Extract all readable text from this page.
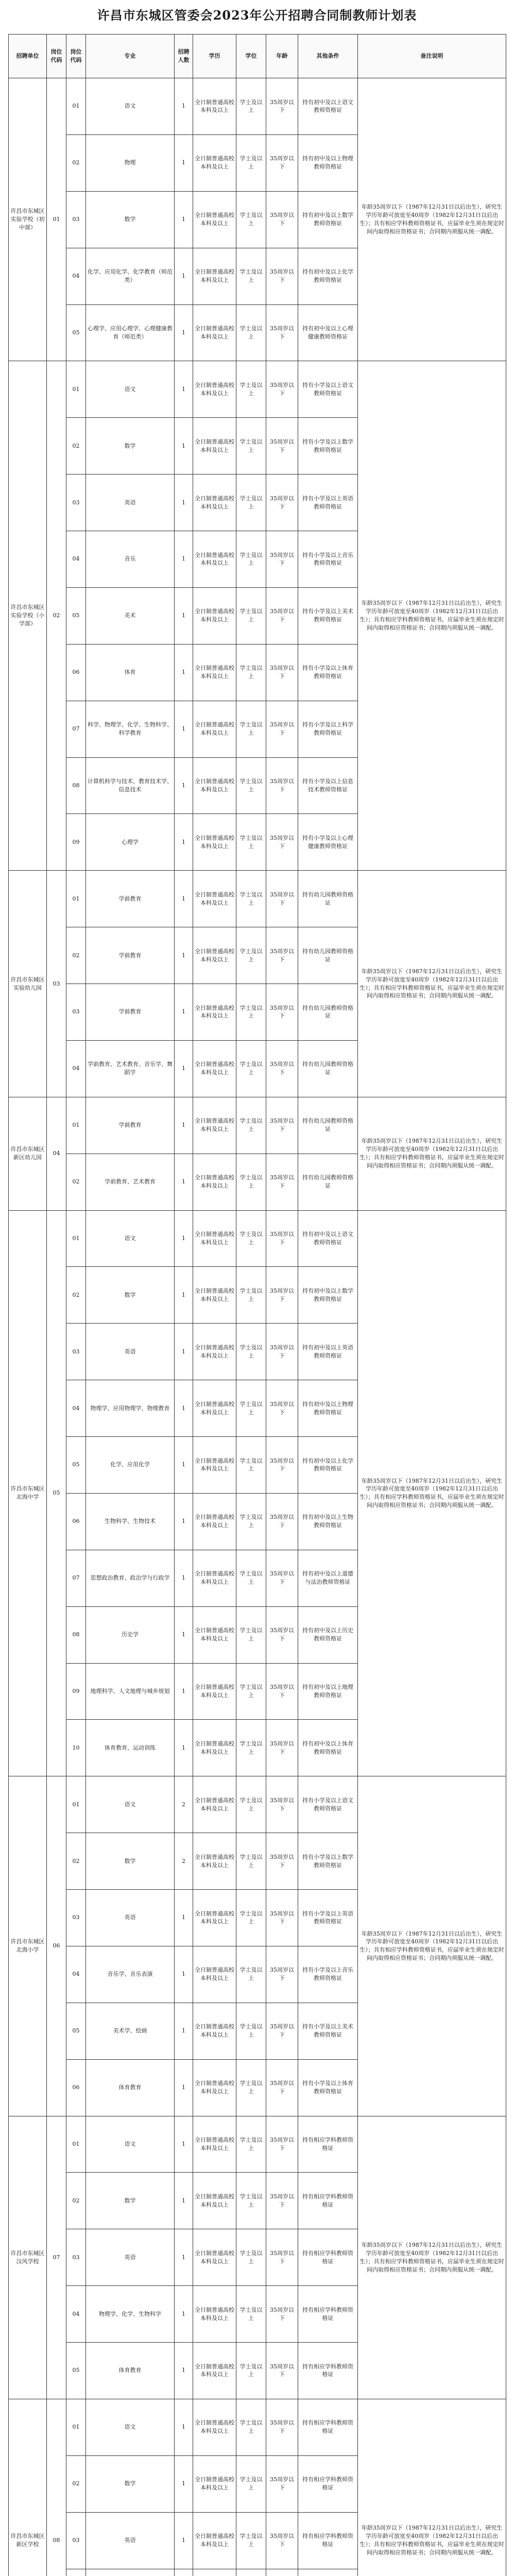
许昌市东城区管委会2023年公开招聘合同制教师计划表
招聘单位	岗位代码	岗位代码	专业	招聘人数	学历	学位	年龄	其他条件	备注说明
许昌市东城区实验学校（初中部）	01	01	语文	1	全日制普通高校本科及以上	学士及以上	35周岁以下	持有初中及以上语文教师资格证	年龄35周岁以下（1987年12月31日以后出生），研究生学历年龄可放宽至40周岁（1982年12月31日以后出生）；具有相应学科教师资格证书，应届毕业生须在规定时间内取得相应资格证书；合同期内须服从统一调配。
		02	物理	1	全日制普通高校本科及以上	学士及以上	35周岁以下	持有初中及以上物理教师资格证	
		03	数学	1	全日制普通高校本科及以上	学士及以上	35周岁以下	持有初中及以上数学教师资格证	
		04	化学、应用化学、化学教育（师范类）	1	全日制普通高校本科及以上	学士及以上	35周岁以下	持有初中及以上化学教师资格证	
		05	心理学、应用心理学、心理健康教育（师范类）	1	全日制普通高校本科及以上	学士及以上	35周岁以下	持有初中及以上心理健康教师资格证	
许昌市东城区实验学校（小学部）	02	01	语文	1	全日制普通高校本科及以上	学士及以上	35周岁以下	持有小学及以上语文教师资格证	年龄35周岁以下（1987年12月31日以后出生），研究生学历年龄可放宽至40周岁（1982年12月31日以后出生）；具有相应学科教师资格证书，应届毕业生须在规定时间内取得相应资格证书；合同期内须服从统一调配。
		02	数学	1	全日制普通高校本科及以上	学士及以上	35周岁以下	持有小学及以上数学教师资格证	
		03	英语	1	全日制普通高校本科及以上	学士及以上	35周岁以下	持有小学及以上英语教师资格证	
		04	音乐	1	全日制普通高校本科及以上	学士及以上	35周岁以下	持有小学及以上音乐教师资格证	
		05	美术	1	全日制普通高校本科及以上	学士及以上	35周岁以下	持有小学及以上美术教师资格证	
		06	体育	1	全日制普通高校本科及以上	学士及以上	35周岁以下	持有小学及以上体育教师资格证	
		07	科学、物理学、化学、生物科学、科学教育	1	全日制普通高校本科及以上	学士及以上	35周岁以下	持有小学及以上科学教师资格证	
		08	计算机科学与技术、教育技术学、信息技术	1	全日制普通高校本科及以上	学士及以上	35周岁以下	持有小学及以上信息技术教师资格证	
		09	心理学	1	全日制普通高校本科及以上	学士及以上	35周岁以下	持有小学及以上心理健康教师资格证	
许昌市东城区实验幼儿园	03	01	学前教育	1	全日制普通高校本科及以上	学士及以上	35周岁以下	持有幼儿园教师资格证	年龄35周岁以下（1987年12月31日以后出生），研究生学历年龄可放宽至40周岁（1982年12月31日以后出生）；具有相应学科教师资格证书，应届毕业生须在规定时间内取得相应资格证书；合同期内须服从统一调配。
		02	学前教育	1	全日制普通高校本科及以上	学士及以上	35周岁以下	持有幼儿园教师资格证	
		03	学前教育	1	全日制普通高校本科及以上	学士及以上	35周岁以下	持有幼儿园教师资格证	
		04	学前教育、艺术教育、音乐学、舞蹈学	1	全日制普通高校本科及以上	学士及以上	35周岁以下	持有幼儿园教师资格证	
许昌市东城区新区幼儿园	04	01	学前教育	1	全日制普通高校本科及以上	学士及以上	35周岁以下	持有幼儿园教师资格证	年龄35周岁以下（1987年12月31日以后出生），研究生学历年龄可放宽至40周岁（1982年12月31日以后出生）；具有相应学科教师资格证书，应届毕业生须在规定时间内取得相应资格证书；合同期内须服从统一调配。
		02	学前教育、艺术教育	1	全日制普通高校本科及以上	学士及以上	35周岁以下	持有幼儿园教师资格证	
许昌市东城区北海中学	05	01	语文	1	全日制普通高校本科及以上	学士及以上	35周岁以下	持有初中及以上语文教师资格证	年龄35周岁以下（1987年12月31日以后出生），研究生学历年龄可放宽至40周岁（1982年12月31日以后出生）；具有相应学科教师资格证书，应届毕业生须在规定时间内取得相应资格证书；合同期内须服从统一调配。
		02	数学	1	全日制普通高校本科及以上	学士及以上	35周岁以下	持有初中及以上数学教师资格证	
		03	英语	1	全日制普通高校本科及以上	学士及以上	35周岁以下	持有初中及以上英语教师资格证	
		04	物理学、应用物理学、物理教育	1	全日制普通高校本科及以上	学士及以上	35周岁以下	持有初中及以上物理教师资格证	
		05	化学、应用化学	1	全日制普通高校本科及以上	学士及以上	35周岁以下	持有初中及以上化学教师资格证	
		06	生物科学、生物技术	1	全日制普通高校本科及以上	学士及以上	35周岁以下	持有初中及以上生物教师资格证	
		07	思想政治教育、政治学与行政学	1	全日制普通高校本科及以上	学士及以上	35周岁以下	持有初中及以上道德与法治教师资格证	
		08	历史学	1	全日制普通高校本科及以上	学士及以上	35周岁以下	持有初中及以上历史教师资格证	
		09	地理科学、人文地理与城乡规划	1	全日制普通高校本科及以上	学士及以上	35周岁以下	持有初中及以上地理教师资格证	
		10	体育教育、运动训练	1	全日制普通高校本科及以上	学士及以上	35周岁以下	持有初中及以上体育教师资格证	
许昌市东城区北海小学	06	01	语文	2	全日制普通高校本科及以上	学士及以上	35周岁以下	持有小学及以上语文教师资格证	年龄35周岁以下（1987年12月31日以后出生），研究生学历年龄可放宽至40周岁（1982年12月31日以后出生）；具有相应学科教师资格证书，应届毕业生须在规定时间内取得相应资格证书；合同期内须服从统一调配。
		02	数学	2	全日制普通高校本科及以上	学士及以上	35周岁以下	持有小学及以上数学教师资格证	
		03	英语	1	全日制普通高校本科及以上	学士及以上	35周岁以下	持有小学及以上英语教师资格证	
		04	音乐学、音乐表演	1	全日制普通高校本科及以上	学士及以上	35周岁以下	持有小学及以上音乐教师资格证	
		05	美术学、绘画	1	全日制普通高校本科及以上	学士及以上	35周岁以下	持有小学及以上美术教师资格证	
		06	体育教育	1	全日制普通高校本科及以上	学士及以上	35周岁以下	持有小学及以上体育教师资格证	
许昌市东城区汉风学校	07	01	语文	1	全日制普通高校本科及以上	学士及以上	35周岁以下	持有相应学科教师资格证	年龄35周岁以下（1987年12月31日以后出生），研究生学历年龄可放宽至40周岁（1982年12月31日以后出生）；具有相应学科教师资格证书，应届毕业生须在规定时间内取得相应资格证书；合同期内须服从统一调配。
		02	数学	1	全日制普通高校本科及以上	学士及以上	35周岁以下	持有相应学科教师资格证	
		03	英语	1	全日制普通高校本科及以上	学士及以上	35周岁以下	持有相应学科教师资格证	
		04	物理学、化学、生物科学	1	全日制普通高校本科及以上	学士及以上	35周岁以下	持有相应学科教师资格证	
		05	体育教育	1	全日制普通高校本科及以上	学士及以上	35周岁以下	持有相应学科教师资格证	
许昌市东城区新区学校	08	01	语文	1	全日制普通高校本科及以上	学士及以上	35周岁以下	持有相应学科教师资格证	年龄35周岁以下（1987年12月31日以后出生），研究生学历年龄可放宽至40周岁（1982年12月31日以后出生）；具有相应学科教师资格证书，应届毕业生须在规定时间内取得相应资格证书；合同期内须服从统一调配。
		02	数学	1	全日制普通高校本科及以上	学士及以上	35周岁以下	持有相应学科教师资格证	
		03	英语	1	全日制普通高校本科及以上	学士及以上	35周岁以下	持有相应学科教师资格证	
